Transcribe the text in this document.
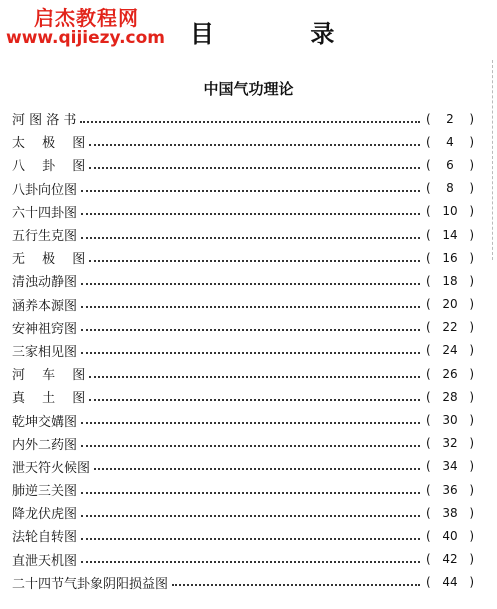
启杰教程网
www.qijiezy.com 目 录
中国气功理论
河 图 洛 书	(	2	)
太　 极　 图	(	4	)
八　 卦　 图	(	6	)
八卦向位图	(	8	)
六十四卦图	( 10 )
五行生克图	( 14 )
无　 极　 图	( 16 )
清浊动静图	( 18 )
涵养本源图	( 20 )
安神祖窍图	( 22 )
三家相见图	( 24 )
河　 车　 图	( 26 )
真　 土　 图	( 28 )
乾坤交媾图	( 30 )
内外二药图	( 32 )
泄天符火候图	( 34 )
肺逆三关图	( 36 )
降龙伏虎图	( 38 )
法轮自转图	( 40 )
直泄天机图	( 42 )
二十四节气卦象阴阳损益图	( 44 )
